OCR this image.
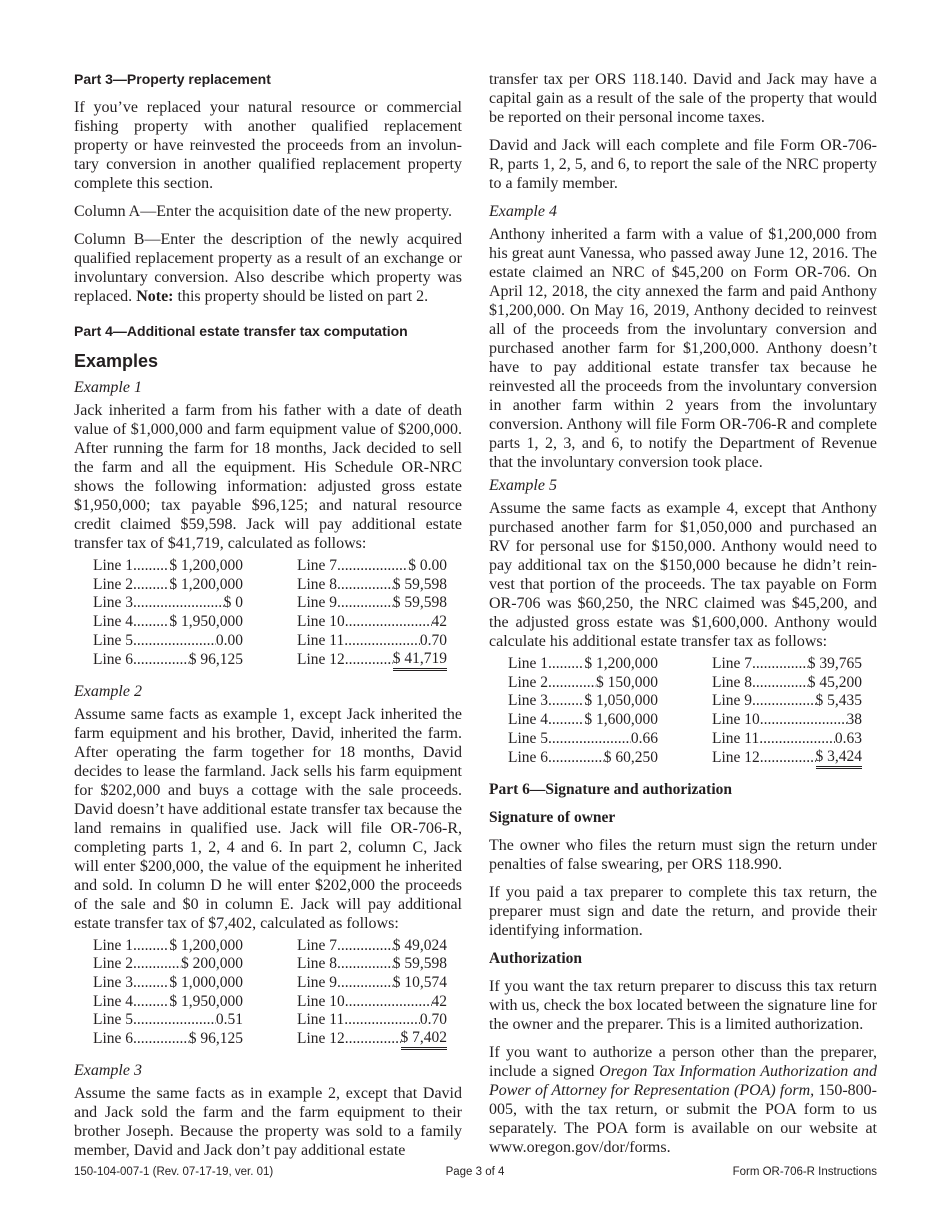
Part 3—Property replacement

If you’ve replaced your natural resource or commercial fishing property with another qualified replacement property or have reinvested the proceeds from an involuntary conversion in another qualified replacement property complete this section.

Column A—Enter the acquisition date of the new property.

Column B—Enter the description of the newly acquired qualified replacement property as a result of an exchange or involuntary conversion. Also describe which property was replaced. Note: this property should be listed on part 2.

Part 4—Additional estate transfer tax computation
Examples
Example 1

Jack inherited a farm from his father with a date of death value of $1,000,000 and farm equipment value of $200,000. After running the farm for 18 months, Jack decided to sell the farm and all the equipment. His Schedule OR-NRC shows the following information: adjusted gross estate $1,950,000; tax payable $96,125; and natural resource credit claimed $59,598. Jack will pay additional estate transfer tax of $41,719, calculated as follows:

Line 1 ..... $ 1,200,000
Line 2 ..... $ 1,200,000
Line 3 .....	$ 0
Line 4 ..... $ 1,950,000
Line 5 .....	0.00
Line 6 .....	$ 96,125
Line 7 .....	$ 0.00
Line 8 .....	$ 59,598
Line 9 .....	$ 59,598
Line 10 .....	42
Line 11 .....	0.70
Line 12 .....	$ 41,719
Example 2

Assume same facts as example 1, except Jack inherited the farm equipment and his brother, David, inherited the farm. After operating the farm together for 18 months, David decides to lease the farmland. Jack sells his farm equipment for $202,000 and buys a cottage with the sale proceeds. David doesn’t have additional estate transfer tax because the land remains in qualified use. Jack will file OR-706-R, completing parts 1, 2, 4 and 6. In part 2, column C, Jack will enter $200,000, the value of the equipment he inherited and sold. In column D he will enter $202,000 the proceeds of the sale and $0 in column E. Jack will pay additional estate transfer tax of $7,402, calculated as follows:

Line 1 ..... $ 1,200,000
Line 2 .....	$ 200,000
Line 3 ..... $ 1,000,000
Line 4 ..... $ 1,950,000
Line 5 .....	0.51
Line 6 .....	$ 96,125
Line 7 .....	$ 49,024
Line 8 .....	$ 59,598
Line 9 .....	$ 10,574
Line 10 .....	42
Line 11 .....	0.70
Line 12 .....	$ 7,402
Example 3

Assume the same facts as in example 2, except that David and Jack sold the farm and the farm equipment to their brother Joseph. Because the property was sold to a family member, David and Jack don’t pay additional estate

transfer tax per ORS 118.140. David and Jack may have a capital gain as a result of the sale of the property that would be reported on their personal income taxes.

David and Jack will each complete and file Form OR-706-R, parts 1, 2, 5, and 6, to report the sale of the NRC property to a family member.

Example 4

Anthony inherited a farm with a value of $1,200,000 from his great aunt Vanessa, who passed away June 12, 2016. The estate claimed an NRC of $45,200 on Form OR-706. On April 12, 2018, the city annexed the farm and paid Anthony $1,200,000. On May 16, 2019, Anthony decided to reinvest all of the proceeds from the involuntary conversion and purchased another farm for $1,200,000. Anthony doesn’t have to pay additional estate transfer tax because he reinvested all the proceeds from the involuntary conversion in another farm within 2 years from the involuntary conversion. Anthony will file Form OR-706-R and complete parts 1, 2, 3, and 6, to notify the Department of Revenue that the involuntary conversion took place.

Example 5

Assume the same facts as example 4, except that Anthony purchased another farm for $1,050,000 and purchased an RV for personal use for $150,000. Anthony would need to pay additional tax on the $150,000 because he didn’t reinvest that portion of the proceeds. The tax payable on Form OR-706 was $60,250, the NRC claimed was $45,200, and the adjusted gross estate was $1,600,000. Anthony would calculate his additional estate transfer tax as follows:

Line 1 ..... $ 1,200,000
Line 2 .....	$ 150,000
Line 3 ..... $ 1,050,000
Line 4 ..... $ 1,600,000
Line 5 .....	0.66
Line 6 .....	$ 60,250
Line 7 .....	$ 39,765
Line 8 .....	$ 45,200
Line 9 .....	$ 5,435
Line 10 .....	38
Line 11 .....	0.63
Line 12 .....	$ 3,424
Part 6—Signature and authorization
Signature of owner

The owner who files the return must sign the return under penalties of false swearing, per ORS 118.990.

If you paid a tax preparer to complete this tax return, the preparer must sign and date the return, and provide their identifying information.

Authorization

If you want the tax return preparer to discuss this tax return with us, check the box located between the signature line for the owner and the preparer. This is a limited authorization.

If you want to authorize a person other than the preparer, include a signed Oregon Tax Information Authorization and Power of Attorney for Representation (POA) form, 150-800-005, with the tax return, or submit the POA form to us separately. The POA form is available on our website at www.oregon.gov/dor/forms.

150-104-007-1 (Rev. 07-17-19, ver. 01)	Page 3 of 4	Form OR-706-R Instructions
